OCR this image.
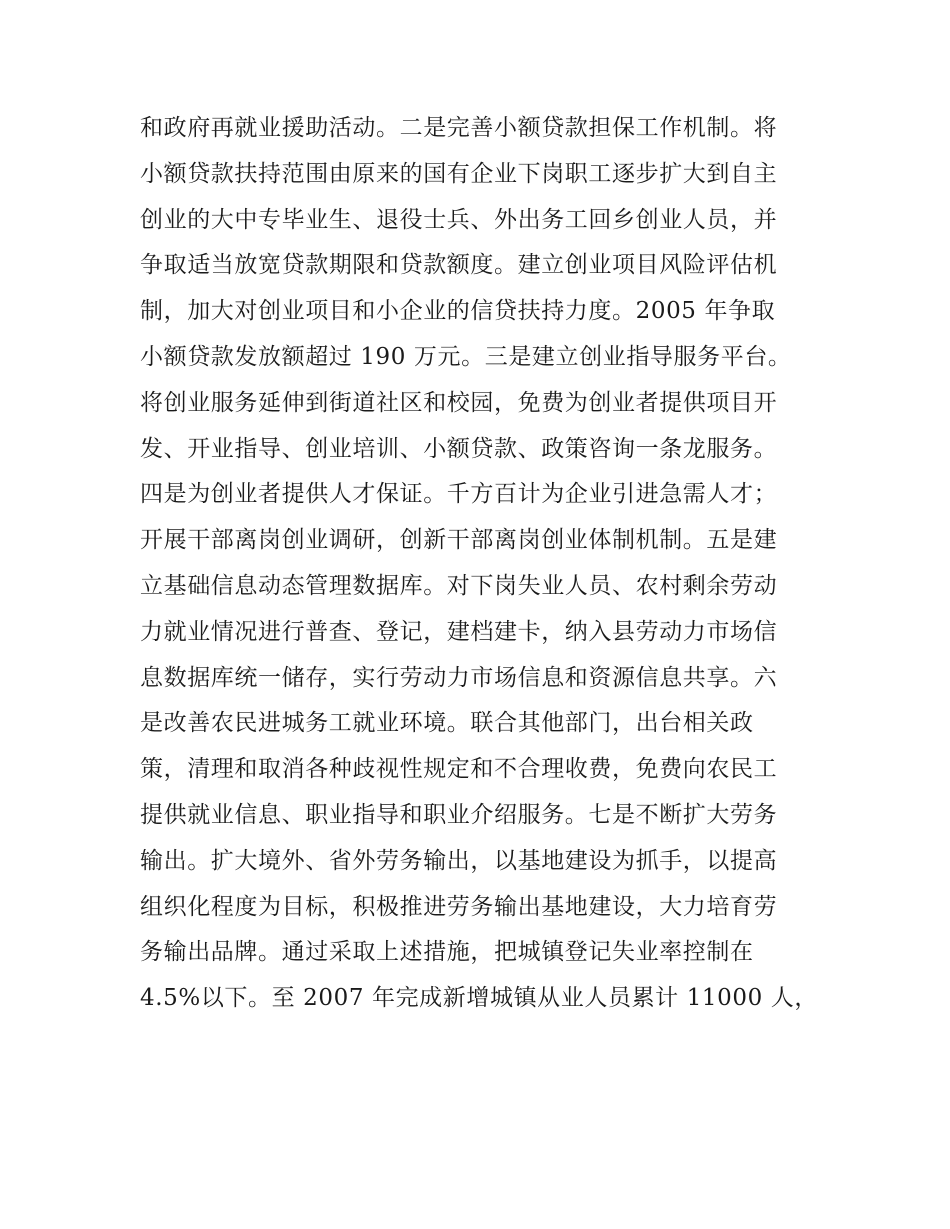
和政府再就业援助活动。二是完善小额贷款担保工作机制。将
小额贷款扶持范围由原来的国有企业下岗职工逐步扩大到自主
创业的大中专毕业生、退役士兵、外出务工回乡创业人员，并
争取适当放宽贷款期限和贷款额度。建立创业项目风险评估机
制，加大对创业项目和小企业的信贷扶持力度。2005 年争取
小额贷款发放额超过 190 万元。三是建立创业指导服务平台。
将创业服务延伸到街道社区和校园，免费为创业者提供项目开
发、开业指导、创业培训、小额贷款、政策咨询一条龙服务。
四是为创业者提供人才保证。千方百计为企业引进急需人才；
开展干部离岗创业调研，创新干部离岗创业体制机制。五是建
立基础信息动态管理数据库。对下岗失业人员、农村剩余劳动
力就业情况进行普查、登记，建档建卡，纳入县劳动力市场信
息数据库统一储存，实行劳动力市场信息和资源信息共享。六
是改善农民进城务工就业环境。联合其他部门，出台相关政
策，清理和取消各种歧视性规定和不合理收费，免费向农民工
提供就业信息、职业指导和职业介绍服务。七是不断扩大劳务
输出。扩大境外、省外劳务输出，以基地建设为抓手，以提高
组织化程度为目标，积极推进劳务输出基地建设，大力培育劳
务输出品牌。通过采取上述措施，把城镇登记失业率控制在
4.5%以下。至 2007 年完成新增城镇从业人员累计 11000 人，
